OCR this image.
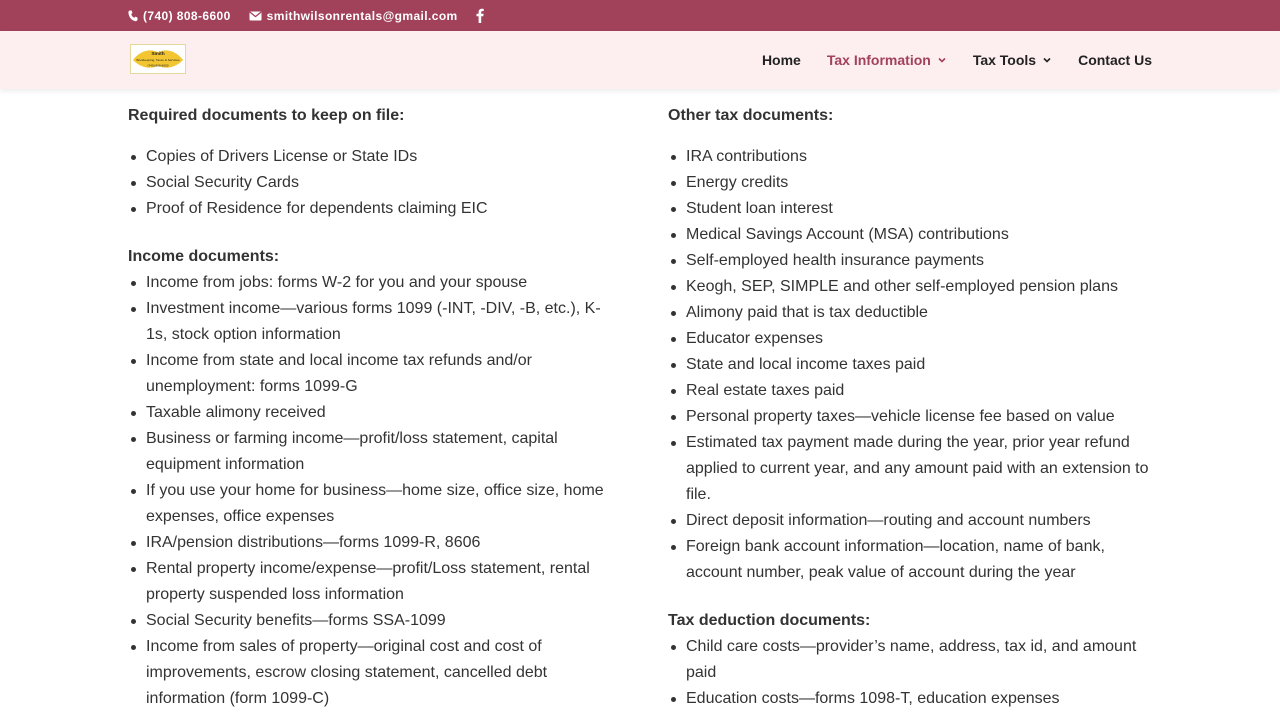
(740) 808-6600	smithwilsonrentals@gmail.com
Smith
Bookkeeping, Taxes & Services
(740) 808-6600	Home Tax Information	Tax Tools	Contact Us
Required documents to keep on file:
Copies of Drivers License or State IDs
Social Security Cards
Proof of Residence for dependents claiming EIC
Income documents:
Income from jobs: forms W-2 for you and your spouse
Investment income—various forms 1099 (-INT, -DIV, -B, etc.), K-1s, stock option information
Income from state and local income tax refunds and/or unemployment: forms 1099-G
Taxable alimony received
Business or farming income—profit/loss statement, capital equipment information
If you use your home for business—home size, office size, home expenses, office expenses
IRA/pension distributions—forms 1099-R, 8606
Rental property income/expense—profit/Loss statement, rental property suspended loss information
Social Security benefits—forms SSA-1099
Income from sales of property—original cost and cost of improvements, escrow closing statement, cancelled debt information (form 1099-C)
Other tax documents:
IRA contributions
Energy credits
Student loan interest
Medical Savings Account (MSA) contributions
Self-employed health insurance payments
Keogh, SEP, SIMPLE and other self-employed pension plans
Alimony paid that is tax deductible
Educator expenses
State and local income taxes paid
Real estate taxes paid
Personal property taxes—vehicle license fee based on value
Estimated tax payment made during the year, prior year refund applied to current year, and any amount paid with an extension to file.
Direct deposit information—routing and account numbers
Foreign bank account information—location, name of bank, account number, peak value of account during the year
Tax deduction documents:
Child care costs—provider’s name, address, tax id, and amount paid
Education costs—forms 1098-T, education expenses
